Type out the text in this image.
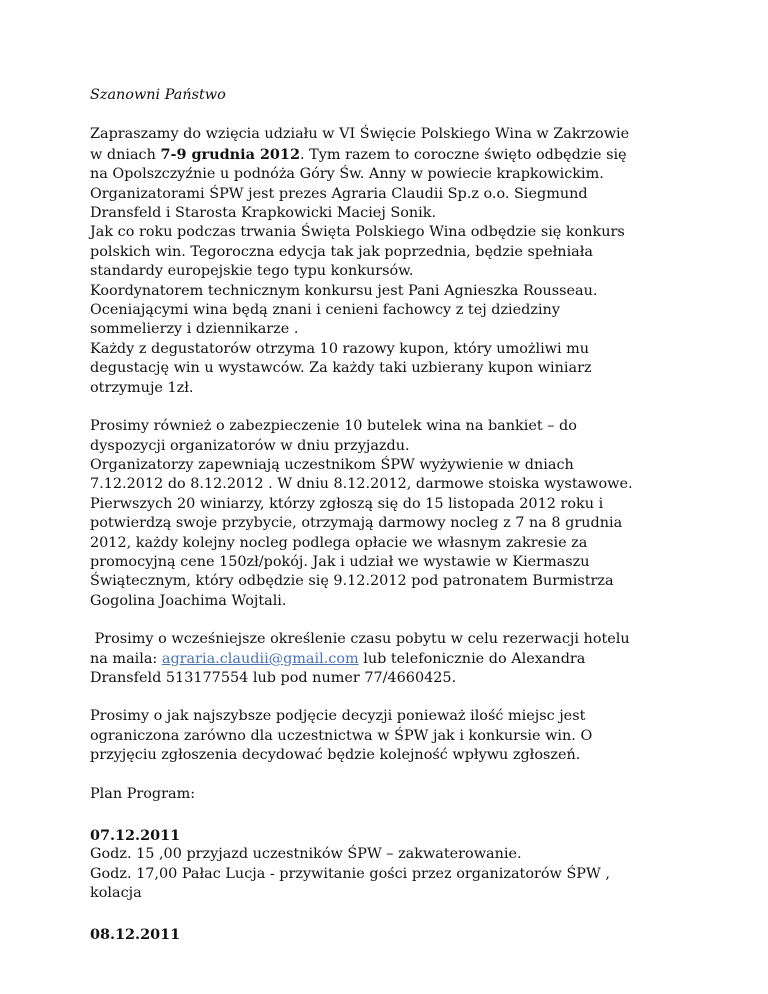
Szanowni Państwo

Zapraszamy do wzięcia udziału w VI Święcie Polskiego Wina w Zakrzowie
w dniach 7-9 grudnia 2012. Tym razem to coroczne święto odbędzie się
na Opolszczyźnie u podnóża Góry Św. Anny w powiecie krapkowickim.
Organizatorami ŚPW jest prezes Agraria Claudii Sp.z o.o. Siegmund
Dransfeld i Starosta Krapkowicki Maciej Sonik.
Jak co roku podczas trwania Święta Polskiego Wina odbędzie się konkurs
polskich win. Tegoroczna edycja tak jak poprzednia, będzie spełniała
standardy europejskie tego typu konkursów.
Koordynatorem technicznym konkursu jest Pani Agnieszka Rousseau.
Oceniającymi wina będą znani i cenieni fachowcy z tej dziedziny
sommelierzy i dziennikarze .
Każdy z degustatorów otrzyma 10 razowy kupon, który umożliwi mu
degustację win u wystawców. Za każdy taki uzbierany kupon winiarz
otrzymuje 1zł.
Prosimy również o zabezpieczenie 10 butelek wina na bankiet – do
dyspozycji organizatorów w dniu przyjazdu.
Organizatorzy zapewniają uczestnikom ŚPW wyżywienie w dniach
7.12.2012 do 8.12.2012 . W dniu 8.12.2012, darmowe stoiska wystawowe.
Pierwszych 20 winiarzy, którzy zgłoszą się do 15 listopada 2012 roku i
potwierdzą swoje przybycie, otrzymają darmowy nocleg z 7 na 8 grudnia
2012, każdy kolejny nocleg podlega opłacie we własnym zakresie za
promocyjną cene 150zł/pokój. Jak i udział we wystawie w Kiermaszu
Świątecznym, który odbędzie się 9.12.2012 pod patronatem Burmistrza
Gogolina Joachima Wojtali.
Prosimy o wcześniejsze określenie czasu pobytu w celu rezerwacji hotelu
na maila: agraria.claudii@gmail.com lub telefonicznie do Alexandra
Dransfeld 513177554 lub pod numer 77/4660425.
Prosimy o jak najszybsze podjęcie decyzji ponieważ ilość miejsc jest
ograniczona zarówno dla uczestnictwa w ŚPW jak i konkursie win. O
przyjęciu zgłoszenia decydować będzie kolejność wpływu zgłoszeń.

Plan Program:

07.12.2011
Godz. 15 ,00 przyjazd uczestników ŚPW – zakwaterowanie.
Godz. 17,00 Pałac Lucja - przywitanie gości przez organizatorów ŚPW ,
kolacja
08.12.2011
